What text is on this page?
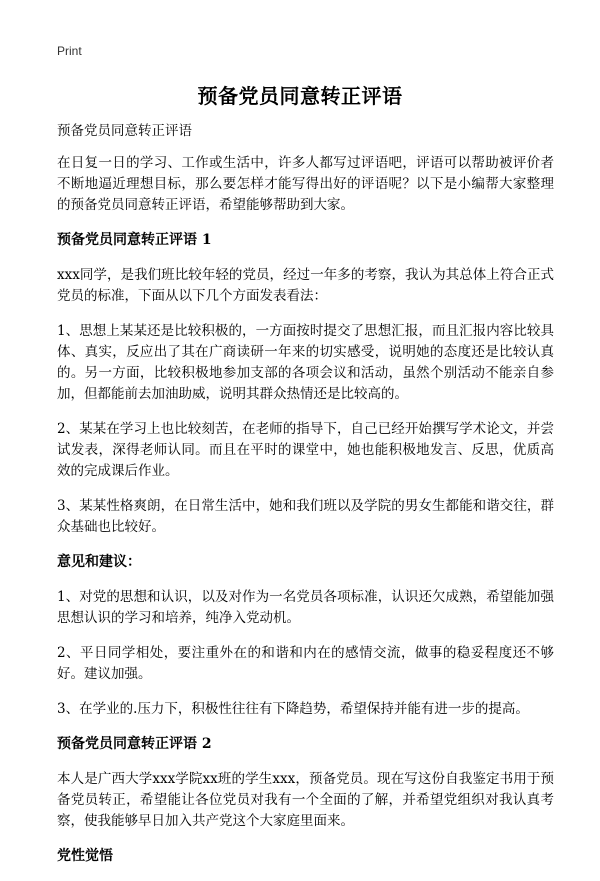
Print
预备党员同意转正评语

预备党员同意转正评语

在日复一日的学习、工作或生活中，许多人都写过评语吧，评语可以帮助被评价者不断地逼近理想目标，那么要怎样才能写得出好的评语呢？以下是小编帮大家整理的预备党员同意转正评语，希望能够帮助到大家。

预备党员同意转正评语 1

xxx同学，是我们班比较年轻的党员，经过一年多的考察，我认为其总体上符合正式党员的标准，下面从以下几个方面发表看法：

1、思想上某某还是比较积极的，一方面按时提交了思想汇报，而且汇报内容比较具体、真实，反应出了其在广商读研一年来的切实感受，说明她的态度还是比较认真的。另一方面，比较积极地参加支部的各项会议和活动，虽然个别活动不能亲自参加，但都能前去加油助威，说明其群众热情还是比较高的。

2、某某在学习上也比较刻苦，在老师的指导下，自己已经开始撰写学术论文，并尝试发表，深得老师认同。而且在平时的课堂中，她也能积极地发言、反思，优质高效的完成课后作业。

3、某某性格爽朗，在日常生活中，她和我们班以及学院的男女生都能和谐交往，群众基础也比较好。

意见和建议：

1、对党的思想和认识，以及对作为一名党员各项标准，认识还欠成熟，希望能加强思想认识的学习和培养，纯净入党动机。

2、平日同学相处，要注重外在的和谐和内在的感情交流，做事的稳妥程度还不够好。建议加强。

3、在学业的.压力下，积极性往往有下降趋势，希望保持并能有进一步的提高。

预备党员同意转正评语 2

本人是广西大学xxx学院xx班的学生xxx，预备党员。现在写这份自我鉴定书用于预备党员转正，希望能让各位党员对我有一个全面的了解，并希望党组织对我认真考察，使我能够早日加入共产党这个大家庭里面来。

党性觉悟
